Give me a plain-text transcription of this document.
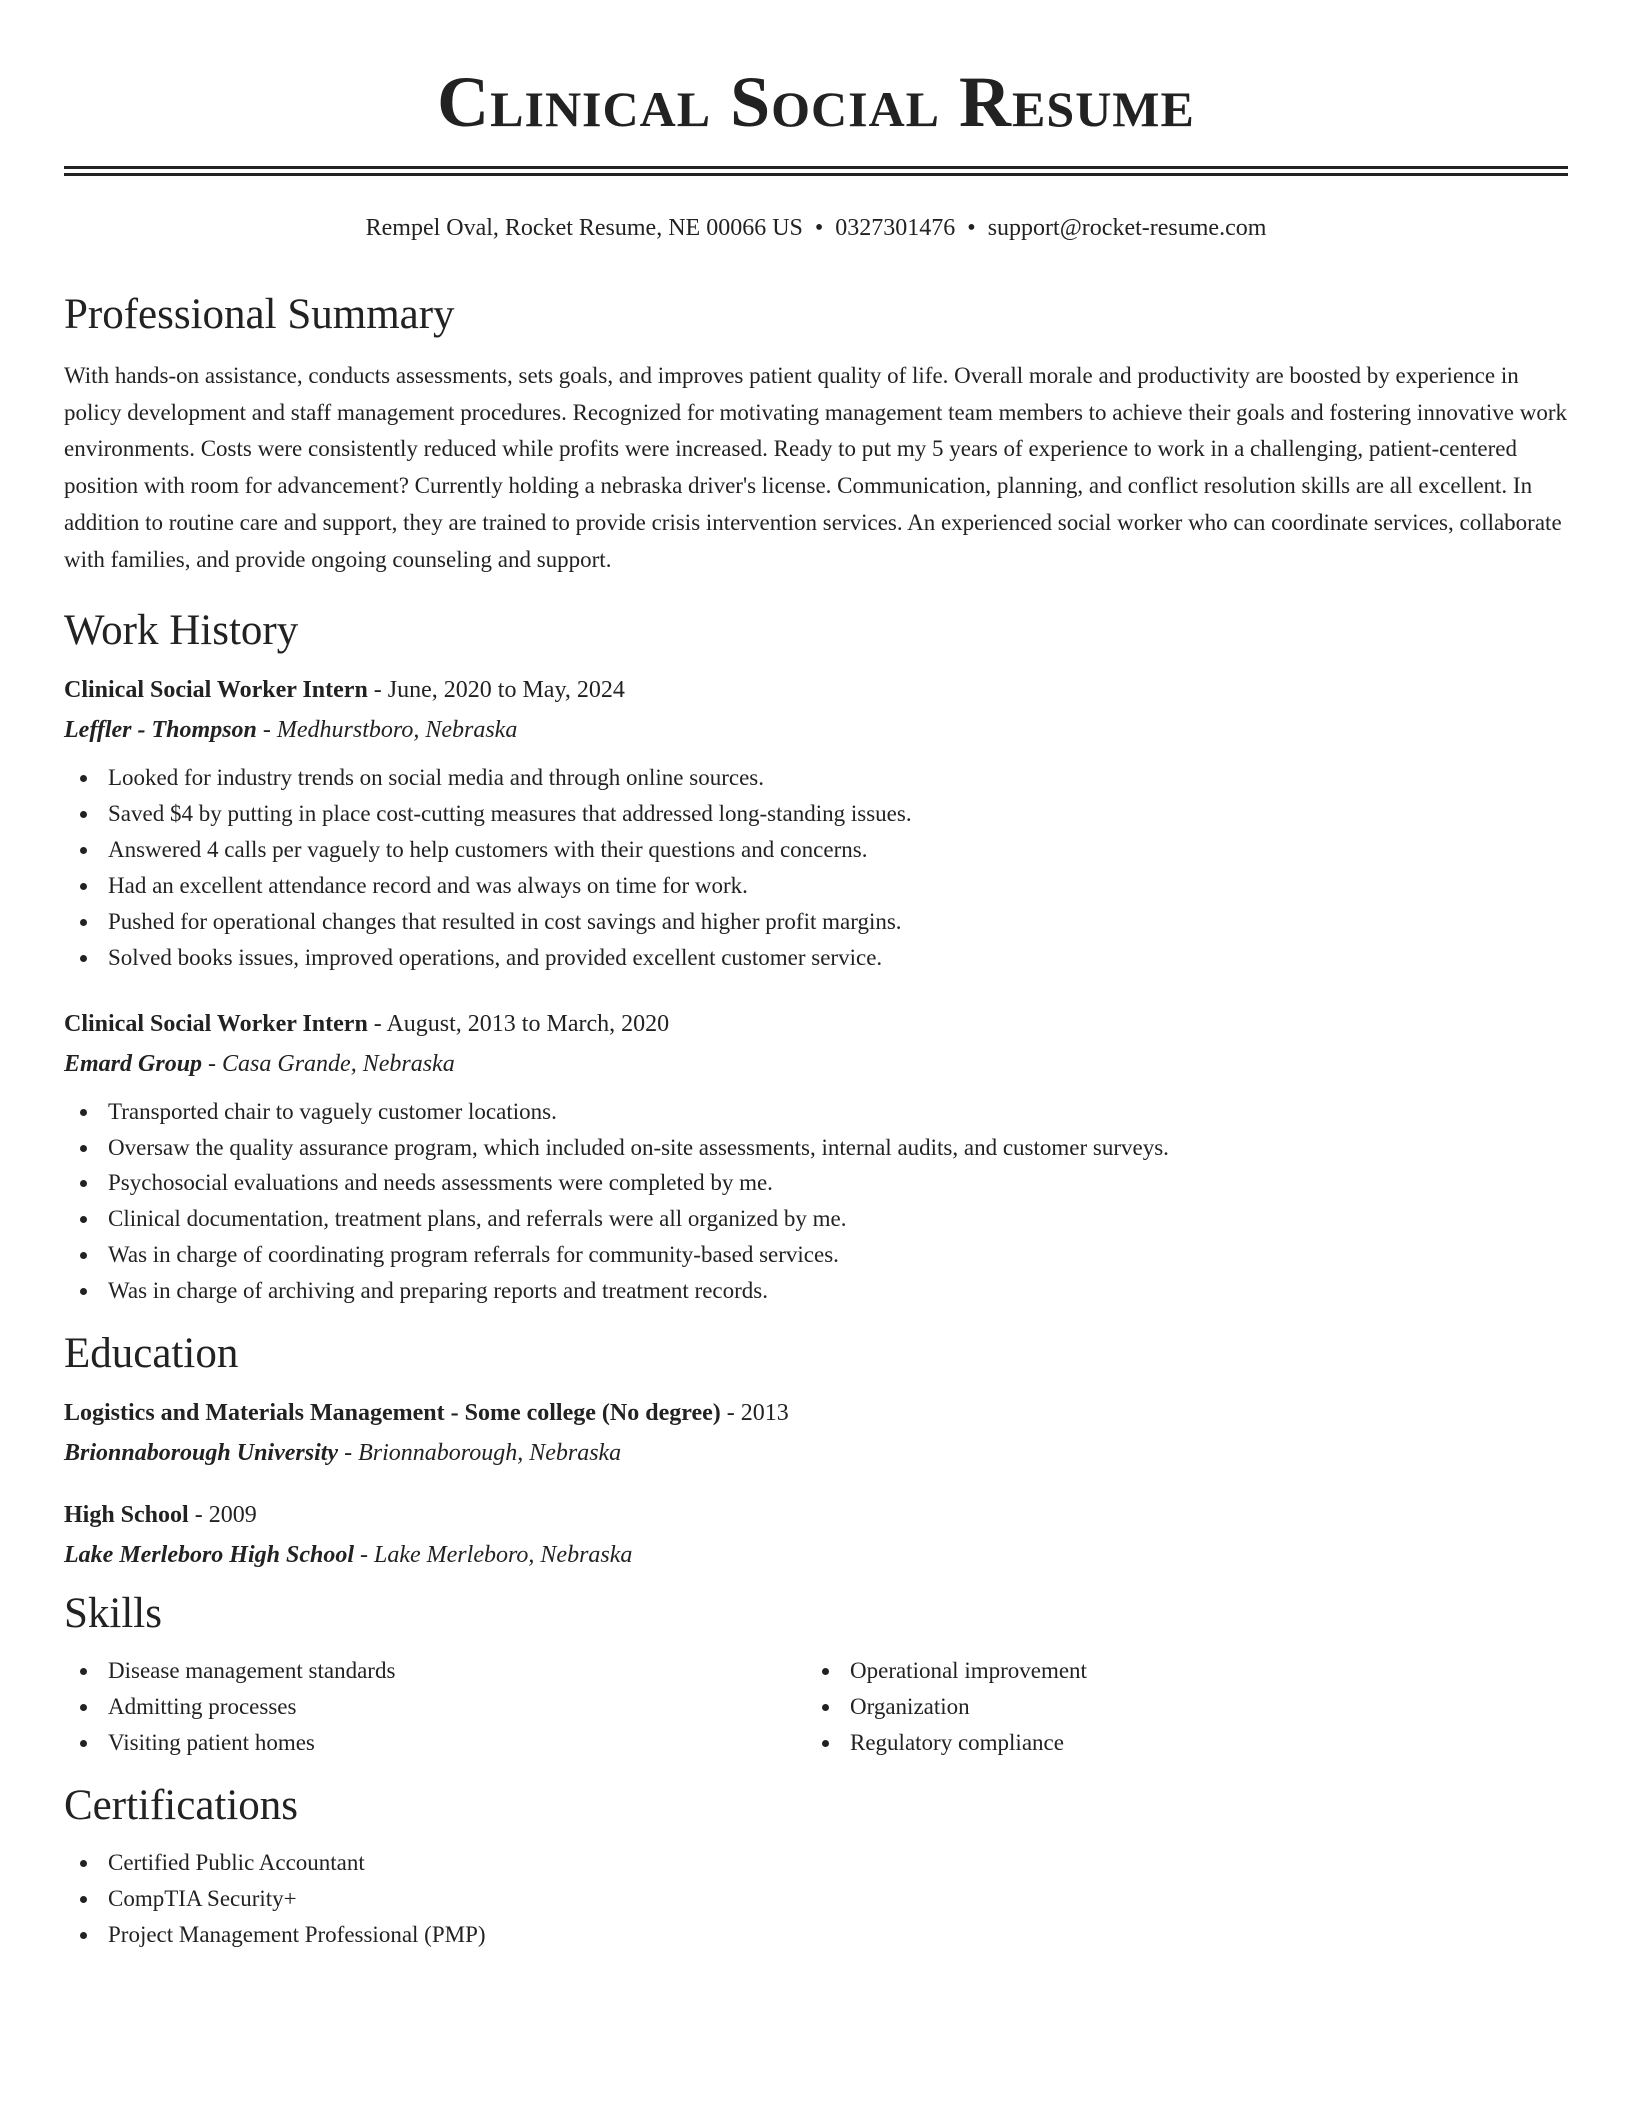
Clinical Social Resume
Rempel Oval, Rocket Resume, NE 00066 US • 0327301476 • support@rocket-resume.com
Professional Summary

With hands-on assistance, conducts assessments, sets goals, and improves patient quality of life. Overall morale and productivity are boosted by experience in policy development and staff management procedures. Recognized for motivating management team members to achieve their goals and fostering innovative work environments. Costs were consistently reduced while profits were increased. Ready to put my 5 years of experience to work in a challenging, patient-centered position with room for advancement? Currently holding a nebraska driver's license. Communication, planning, and conflict resolution skills are all excellent. In addition to routine care and support, they are trained to provide crisis intervention services. An experienced social worker who can coordinate services, collaborate with families, and provide ongoing counseling and support.

Work History
Clinical Social Worker Intern - June, 2020 to May, 2024
Leffler - Thompson - Medhurstboro, Nebraska
Looked for industry trends on social media and through online sources.
Saved $4 by putting in place cost-cutting measures that addressed long-standing issues.
Answered 4 calls per vaguely to help customers with their questions and concerns.
Had an excellent attendance record and was always on time for work.
Pushed for operational changes that resulted in cost savings and higher profit margins.
Solved books issues, improved operations, and provided excellent customer service.
Clinical Social Worker Intern - August, 2013 to March, 2020
Emard Group - Casa Grande, Nebraska
Transported chair to vaguely customer locations.
Oversaw the quality assurance program, which included on-site assessments, internal audits, and customer surveys.
Psychosocial evaluations and needs assessments were completed by me.
Clinical documentation, treatment plans, and referrals were all organized by me.
Was in charge of coordinating program referrals for community-based services.
Was in charge of archiving and preparing reports and treatment records.
Education
Logistics and Materials Management - Some college (No degree) - 2013
Brionnaborough University - Brionnaborough, Nebraska
High School - 2009
Lake Merleboro High School - Lake Merleboro, Nebraska
Skills
Disease management standards
Admitting processes
Visiting patient homes
Operational improvement
Organization
Regulatory compliance
Certifications
Certified Public Accountant
CompTIA Security+
Project Management Professional (PMP)
